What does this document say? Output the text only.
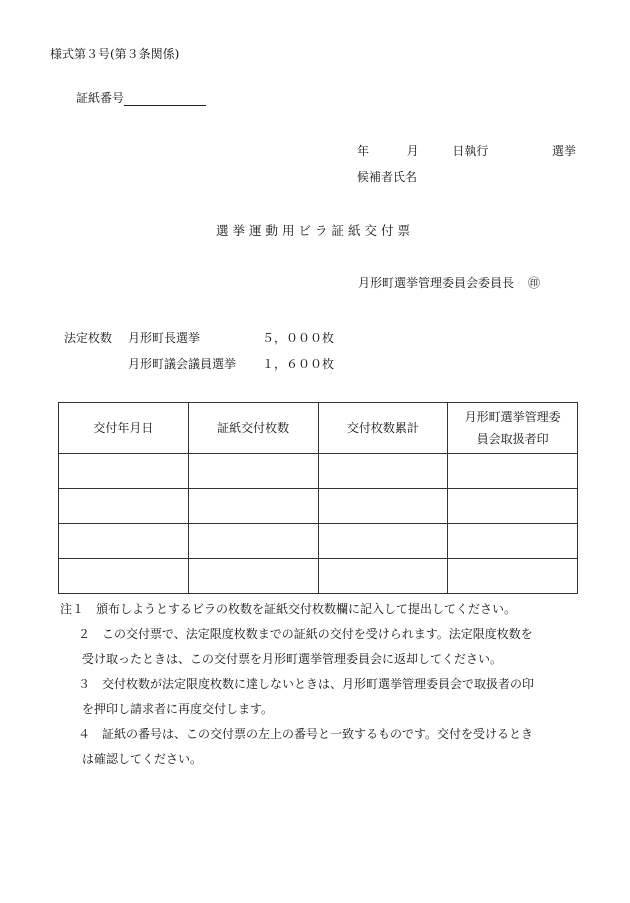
様式第３号(第３条関係)
証紙番号
年	月	日執行	選挙
候補者氏名
選挙運動用ビラ証紙交付票
月形町選挙管理委員会委員長 ㊞
法定枚数 月形町長選挙	５，０００枚
月形町議会議員選挙 １，６００枚
交付年月日	証紙交付枚数	交付枚数累計	月形町選挙管理委
員会取扱者印

注１　頒布しようとするビラの枚数を証紙交付枚数欄に記入して提出してください。
２　この交付票で、法定限度枚数までの証紙の交付を受けられます。法定限度枚数を
受け取ったときは、この交付票を月形町選挙管理委員会に返却してください。
３　交付枚数が法定限度枚数に達しないときは、月形町選挙管理委員会で取扱者の印
を押印し請求者に再度交付します。
４　証紙の番号は、この交付票の左上の番号と一致するものです。交付を受けるとき
は確認してください。
